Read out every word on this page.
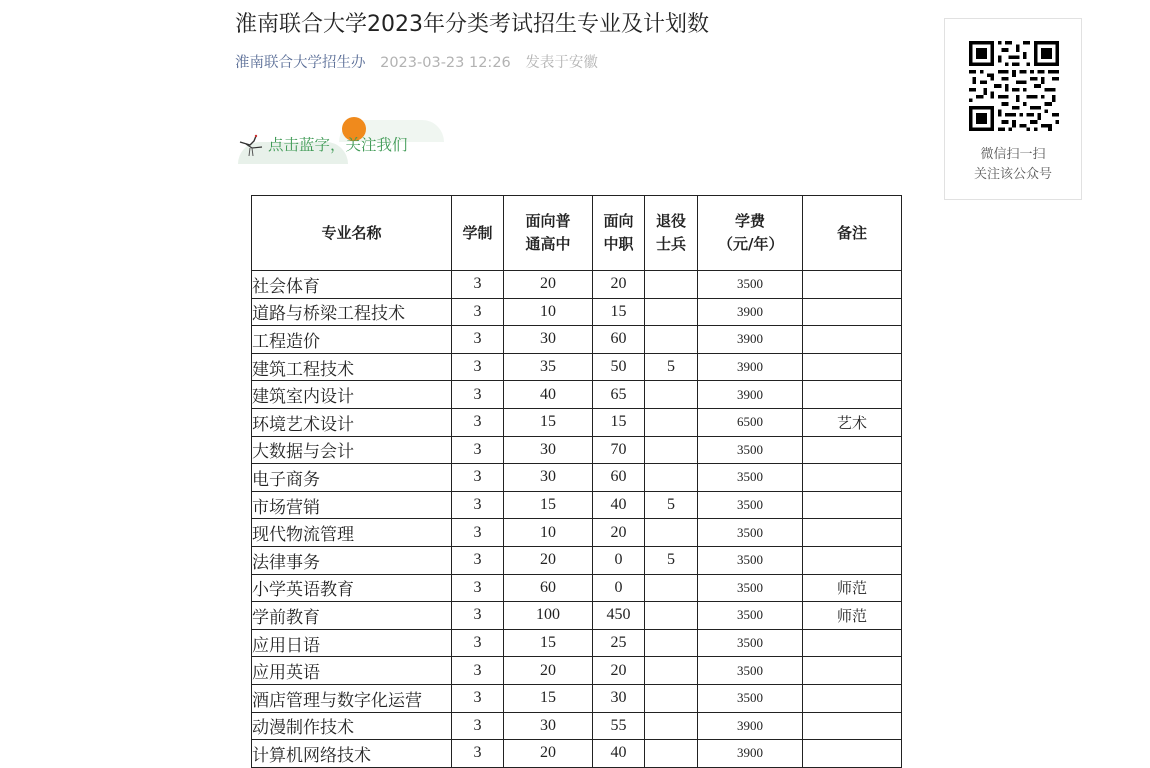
淮南联合大学2023年分类考试招生专业及计划数
淮南联合大学招生办 2023-03-23 12:26 发表于安徽
点击蓝字，关注我们
微信扫一扫
关注该公众号
专业名称	学制	面向普通高中	面向中职	退役士兵	学费（元/年）	备注
社会体育	3	20	20		3500	
道路与桥梁工程技术	3	10	15		3900	
工程造价	3	30	60		3900	
建筑工程技术	3	35	50	5	3900	
建筑室内设计	3	40	65		3900	
环境艺术设计	3	15	15		6500	艺术
大数据与会计	3	30	70		3500	
电子商务	3	30	60		3500	
市场营销	3	15	40	5	3500	
现代物流管理	3	10	20		3500	
法律事务	3	20	0	5	3500	
小学英语教育	3	60	0		3500	师范
学前教育	3	100	450		3500	师范
应用日语	3	15	25		3500	
应用英语	3	20	20		3500	
酒店管理与数字化运营	3	15	30		3500	
动漫制作技术	3	30	55		3900	
计算机网络技术	3	20	40		3900	
